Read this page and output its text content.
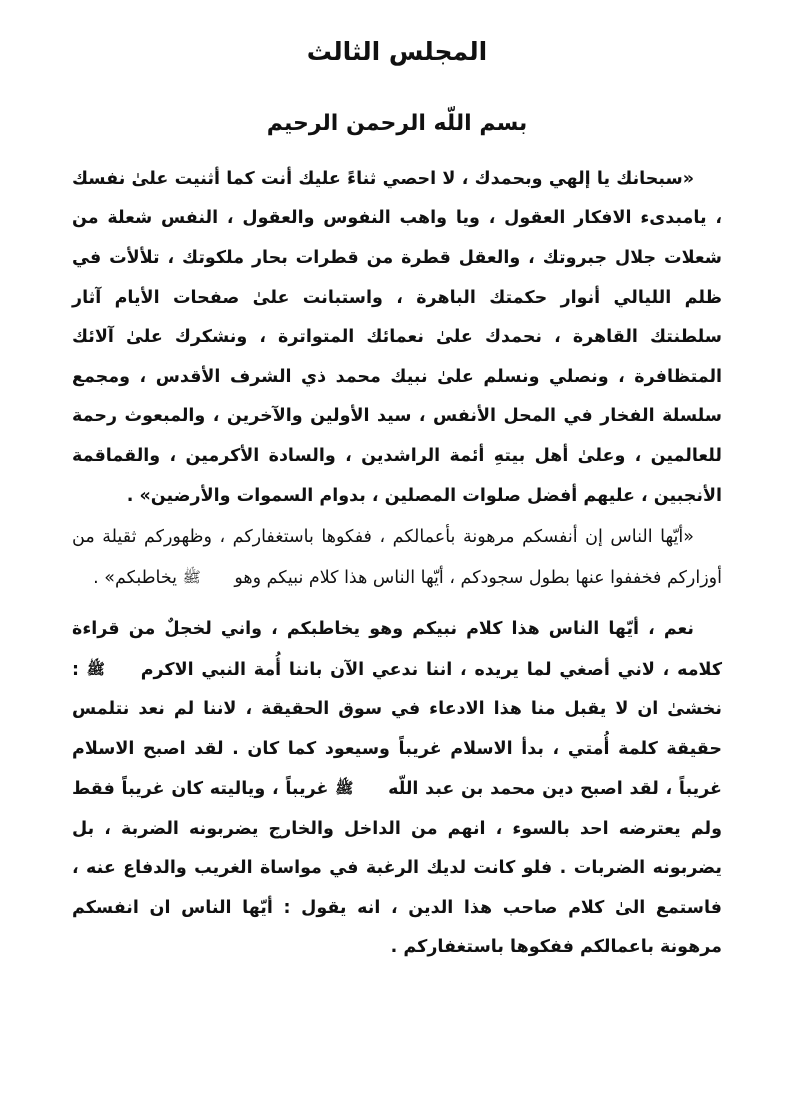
المجلس الثالث
بسم اللّه الرحمن الرحيم
«سبحانك يا إلهي وبحمدك ، لا احصي ثناءً عليك أنت كما أثنيت علىٰ نفسك ، يامبدىء الافكار العقول ، ويا واهب النفوس والعقول ، النفس شعلة من شعلات جلال جبروتك ، والعقل قطرة من قطرات بحار ملكوتك ، تلألأت في ظلم الليالي أنوار حكمتك الباهرة ، واستبانت علىٰ صفحات الأيام آثار سلطنتك القاهرة ، نحمدك علىٰ نعمائك المتواترة ، ونشكرك علىٰ آلائك المتظافرة ، ونصلي ونسلم علىٰ نبيك محمد ذي الشرف الأقدس ، ومجمع سلسلة الفخار في المحل الأنفس ، سيد الأولين والآخرين ، والمبعوث رحمة للعالمين ، وعلىٰ أهل بيتهِ أئمة الراشدين ، والسادة الأكرمين ، والقماقمة الأنجبين ، عليهم أفضل صلوات المصلين ، بدوام السموات والأرضين» .
«أيّها الناس إن أنفسكم مرهونة بأعمالكم ، ففكوها باستغفاركم ، وظهوركم ثقيلة من أوزاركم فخففوا عنها بطول سجودكم ، أيّها الناس هذا كلام نبيكم وهو ﷺ يخاطبكم» .
نعم ، أيّها الناس هذا كلام نبيكم وهو يخاطبكم ، واني لخجلٌ من قراءة كلامه ، لاني أصغي لما يريده ، اننا ندعي الآن باننا أُمة النبي الاكرم ﷺ : نخشىٰ ان لا يقبل منا هذا الادعاء في سوق الحقيقة ، لاننا لم نعد نتلمس حقيقة كلمة أُمتي ، بدأ الاسلام غريباً وسيعود كما كان . لقد اصبح الاسلام غريباً ، لقد اصبح دين محمد بن عبد اللّه ﷺ غريباً ، وياليته كان غريباً فقط ولم يعترضه احد بالسوء ، انهم من الداخل والخارج يضربونه الضربة ، بل يضربونه الضربات . فلو كانت لديك الرغبة في مواساة الغريب والدفاع عنه ، فاستمع الىٰ كلام صاحب هذا الدين ، انه يقول : أيّها الناس ان انفسكم مرهونة باعمالكم ففكوها باستغفاركم .
